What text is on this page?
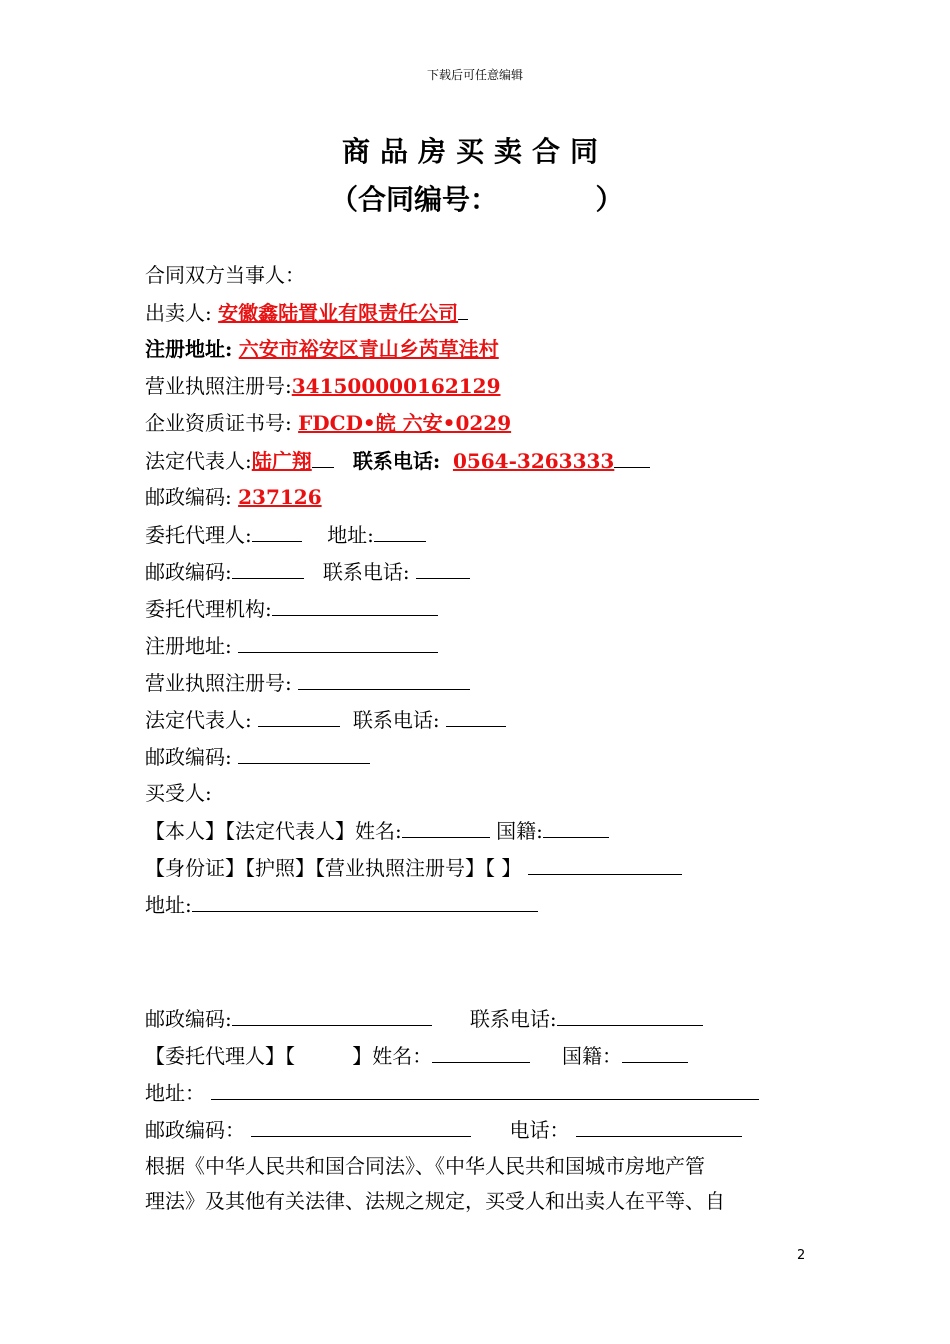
下载后可任意编辑
商品房买卖合同
（合同编号：          ）
合同双方当事人：
出卖人: 安徽鑫陆置业有限责任公司
注册地址: 六安市裕安区青山乡芮草洼村
营业执照注册号:341500000162129
企业资质证书号: FDCD•皖 六安•0229
法定代表人:陆广翔 联系电话: 0564-3263333
邮政编码: 237126
委托代理人:	地址:
邮政编码:	联系电话:
委托代理机构:
注册地址:
营业执照注册号:
法定代表人:	联系电话:
邮政编码:
买受人:
【本人】【法定代表人】姓名:	国籍:
【身份证】【护照】【营业执照注册号】【 】
地址:
邮政编码:	联系电话:
【委托代理人】【         】姓名：	国籍：
地址：
邮政编码：	电话：
根据《中华人民共和国合同法》、《中华人民共和国城市房地产管
理法》及其他有关法律、法规之规定，买受人和出卖人在平等、自
2
